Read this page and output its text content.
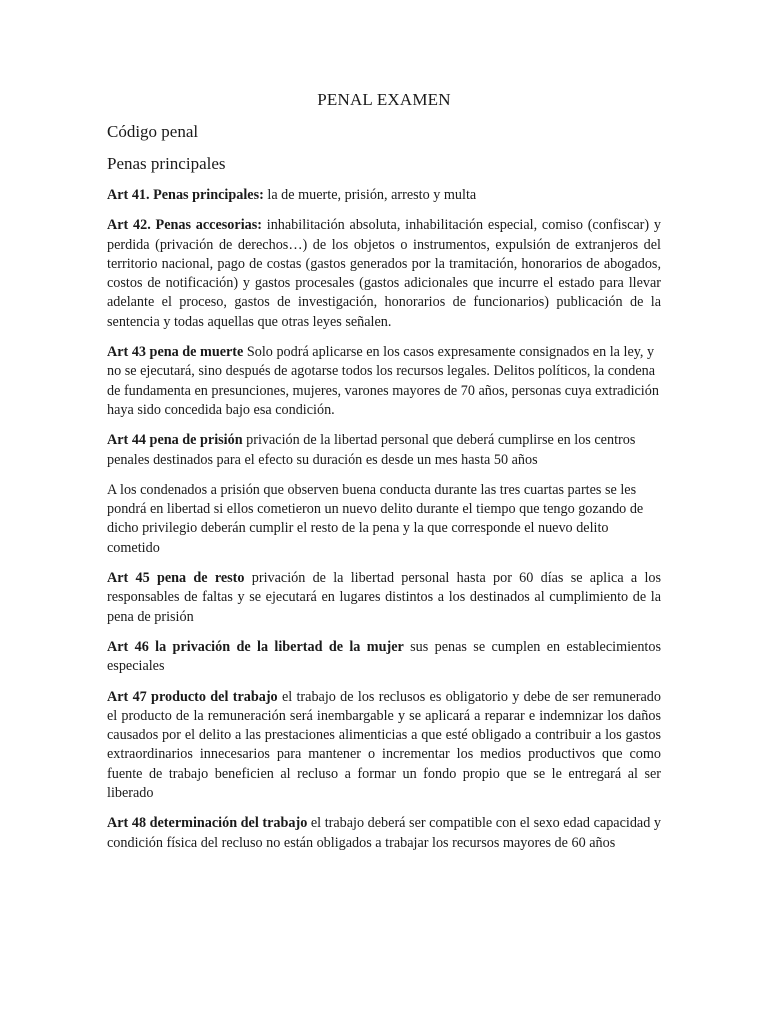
PENAL EXAMEN
Código penal
Penas principales

Art 41. Penas principales: la de muerte, prisión, arresto y multa

Art 42. Penas accesorias: inhabilitación absoluta, inhabilitación especial, comiso (confiscar) y perdida (privación de derechos…) de los objetos o instrumentos, expulsión de extranjeros del territorio nacional, pago de costas (gastos generados por la tramitación, honorarios de abogados, costos de notificación) y gastos procesales (gastos adicionales que incurre el estado para llevar adelante el proceso, gastos de investigación, honorarios de funcionarios) publicación de la sentencia y todas aquellas que otras leyes señalen.

Art 43 pena de muerte Solo podrá aplicarse en los casos expresamente consignados en la ley, y no se ejecutará, sino después de agotarse todos los recursos legales. Delitos políticos, la condena de fundamenta en presunciones, mujeres, varones mayores de 70 años, personas cuya extradición haya sido concedida bajo esa condición.

Art 44 pena de prisión privación de la libertad personal que deberá cumplirse en los centros penales destinados para el efecto su duración es desde un mes hasta 50 años

A los condenados a prisión que observen buena conducta durante las tres cuartas partes se les pondrá en libertad si ellos cometieron un nuevo delito durante el tiempo que tengo gozando de dicho privilegio deberán cumplir el resto de la pena y la que corresponde el nuevo delito cometido

Art 45 pena de resto privación de la libertad personal hasta por 60 días se aplica a los responsables de faltas y se ejecutará en lugares distintos a los destinados al cumplimiento de la pena de prisión

Art 46 la privación de la libertad de la mujer sus penas se cumplen en establecimientos especiales

Art 47 producto del trabajo el trabajo de los reclusos es obligatorio y debe de ser remunerado el producto de la remuneración será inembargable y se aplicará a reparar e indemnizar los daños causados por el delito a las prestaciones alimenticias a que esté obligado a contribuir a los gastos extraordinarios innecesarios para mantener o incrementar los medios productivos que como fuente de trabajo beneficien al recluso a formar un fondo propio que se le entregará al ser liberado

Art 48 determinación del trabajo el trabajo deberá ser compatible con el sexo edad capacidad y condición física del recluso no están obligados a trabajar los recursos mayores de 60 años
